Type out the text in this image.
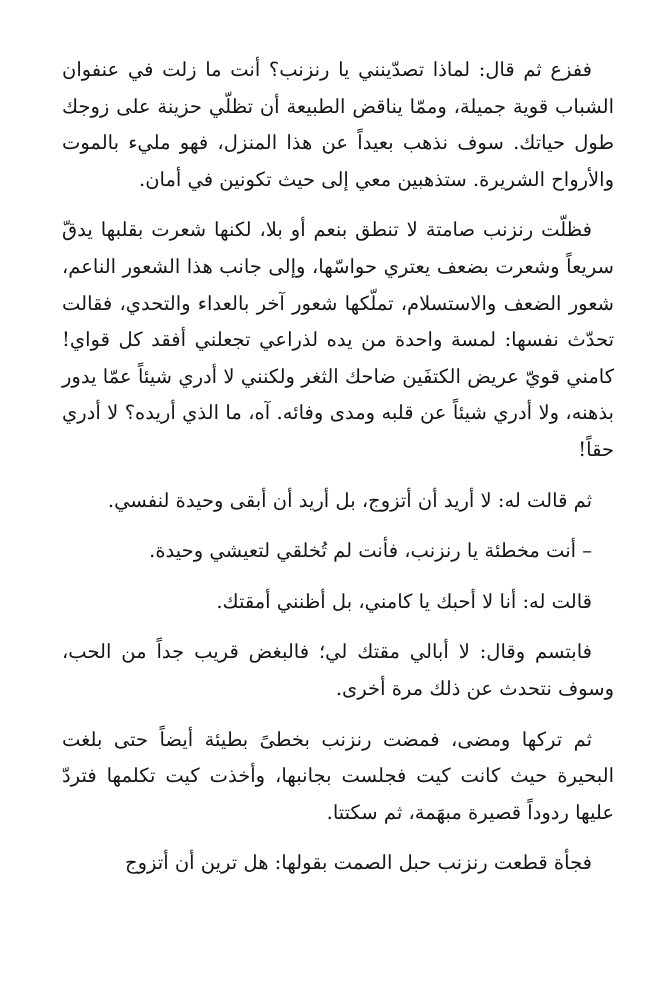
ففزع ثم قال: لماذا تصدّينني يا رنزنب؟ أنت ما زلت في عنفوان الشباب قوية جميلة، وممّا يناقض الطبيعة أن تظلّي حزينة على زوجك طول حياتك. سوف نذهب بعيداً عن هذا المنزل، فهو مليء بالموت والأرواح الشريرة. ستذهبين معي إلى حيث تكونين في أمان.

فظلّت رنزنب صامتة لا تنطق بنعم أو بلا، لكنها شعرت بقلبها يدقّ سريعاً وشعرت بضعف يعتري حواسّها، وإلى جانب هذا الشعور الناعم، شعور الضعف والاستسلام، تملّكها شعور آخر بالعداء والتحدي، فقالت تحدّث نفسها: لمسة واحدة من يده لذراعي تجعلني أفقد كل قواي! كامني قويّ عريض الكتفَين ضاحك الثغر ولكنني لا أدري شيئاً عمّا يدور بذهنه، ولا أدري شيئاً عن قلبه ومدى وفائه. آه، ما الذي أريده؟ لا أدري حقاً!

ثم قالت له: لا أريد أن أتزوج، بل أريد أن أبقى وحيدة لنفسي.

– أنت مخطئة يا رنزنب، فأنت لم تُخلقي لتعيشي وحيدة.

قالت له: أنا لا أحبك يا كامني، بل أظنني أمقتك.

فابتسم وقال: لا أبالي مقتك لي؛ فالبغض قريب جداً من الحب، وسوف نتحدث عن ذلك مرة أخرى.

ثم تركها ومضى، فمضت رنزنب بخطىً بطيئة أيضاً حتى بلغت البحيرة حيث كانت كيت فجلست بجانبها، وأخذت كيت تكلمها فتردّ عليها ردوداً قصيرة مبهَمة، ثم سكتتا.

فجأة قطعت رنزنب حبل الصمت بقولها: هل ترين أن أتزوج
